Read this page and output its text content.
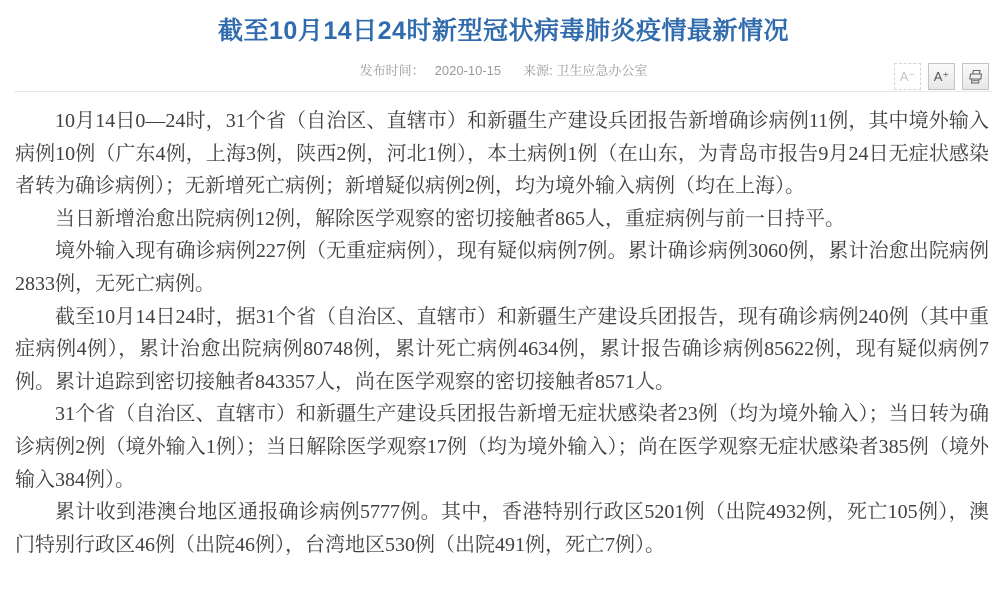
截至10月14日24时新型冠状病毒肺炎疫情最新情况
发布时间： 2020-10-15 来源: 卫生应急办公室	A⁻	A⁺

10月14日0—24时，31个省（自治区、直辖市）和新疆生产建设兵团报告新增确诊病例11例，其中境外输入病例10例（广东4例，上海3例，陕西2例，河北1例），本土病例1例（在山东，为青岛市报告9月24日无症状感染者转为确诊病例）；无新增死亡病例；新增疑似病例2例，均为境外输入病例（均在上海）。

当日新增治愈出院病例12例，解除医学观察的密切接触者865人，重症病例与前一日持平。

境外输入现有确诊病例227例（无重症病例），现有疑似病例7例。累计确诊病例3060例，累计治愈出院病例2833例，无死亡病例。

截至10月14日24时，据31个省（自治区、直辖市）和新疆生产建设兵团报告，现有确诊病例240例（其中重症病例4例），累计治愈出院病例80748例，累计死亡病例4634例，累计报告确诊病例85622例，现有疑似病例7例。累计追踪到密切接触者843357人，尚在医学观察的密切接触者8571人。

31个省（自治区、直辖市）和新疆生产建设兵团报告新增无症状感染者23例（均为境外输入）；当日转为确诊病例2例（境外输入1例）；当日解除医学观察17例（均为境外输入）；尚在医学观察无症状感染者385例（境外输入384例）。

累计收到港澳台地区通报确诊病例5777例。其中，香港特别行政区5201例（出院4932例，死亡105例），澳门特别行政区46例（出院46例），台湾地区530例（出院491例，死亡7例）。
